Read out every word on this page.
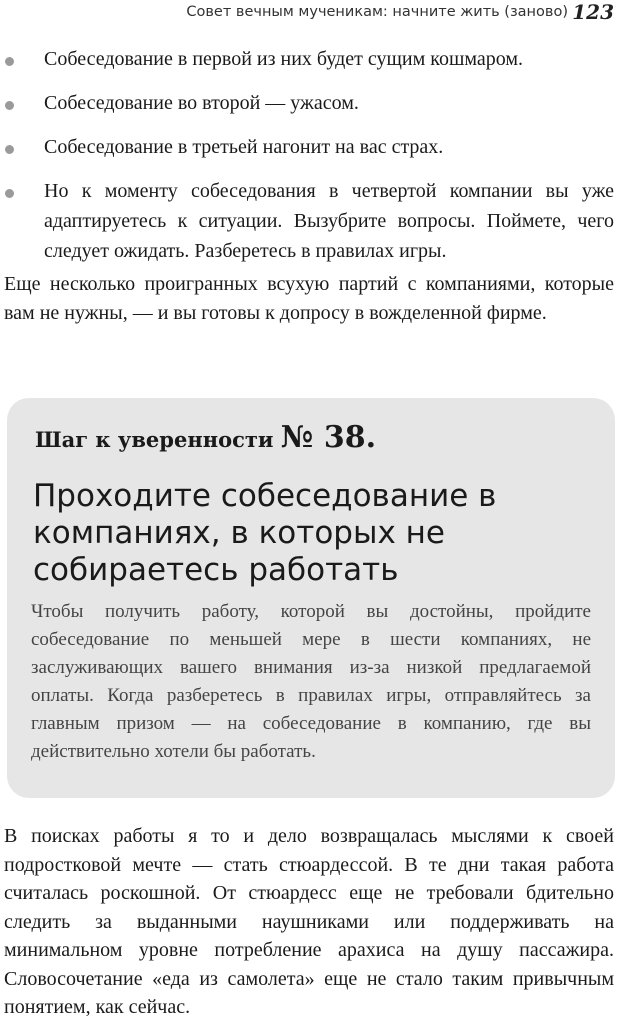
Совет вечным мученикам: начните жить (заново) 123
Собеседование в первой из них будет сущим кошмаром.
Собеседование во второй — ужасом.
Собеседование в третьей нагонит на вас страх.
Но к моменту собеседования в четвертой компании вы уже адаптируетесь к ситуации. Вызубрите вопросы. Поймете, чего следует ожидать. Разберетесь в правилах игры.

Еще несколько проигранных всухую партий с компаниями, которые вам не нужны, — и вы готовы к допросу в вожделенной фирме.

Шаг к уверенности № 38.
Проходите собеседование в компаниях, в которых не собираетесь работать
Чтобы получить работу, которой вы достойны, пройдите собеседование по меньшей мере в шести компаниях, не заслуживающих вашего внимания из-за низкой предлагаемой оплаты. Когда разберетесь в правилах игры, отправляйтесь за главным призом — на собеседование в компанию, где вы действительно хотели бы работать.

В поисках работы я то и дело возвращалась мыслями к своей подростковой мечте — стать стюардессой. В те дни такая работа считалась роскошной. От стюардесс еще не требовали бдительно следить за выданными наушниками или поддерживать на минимальном уровне потребление арахиса на душу пассажира. Словосочетание «еда из самолета» еще не стало таким привычным понятием, как сейчас.
